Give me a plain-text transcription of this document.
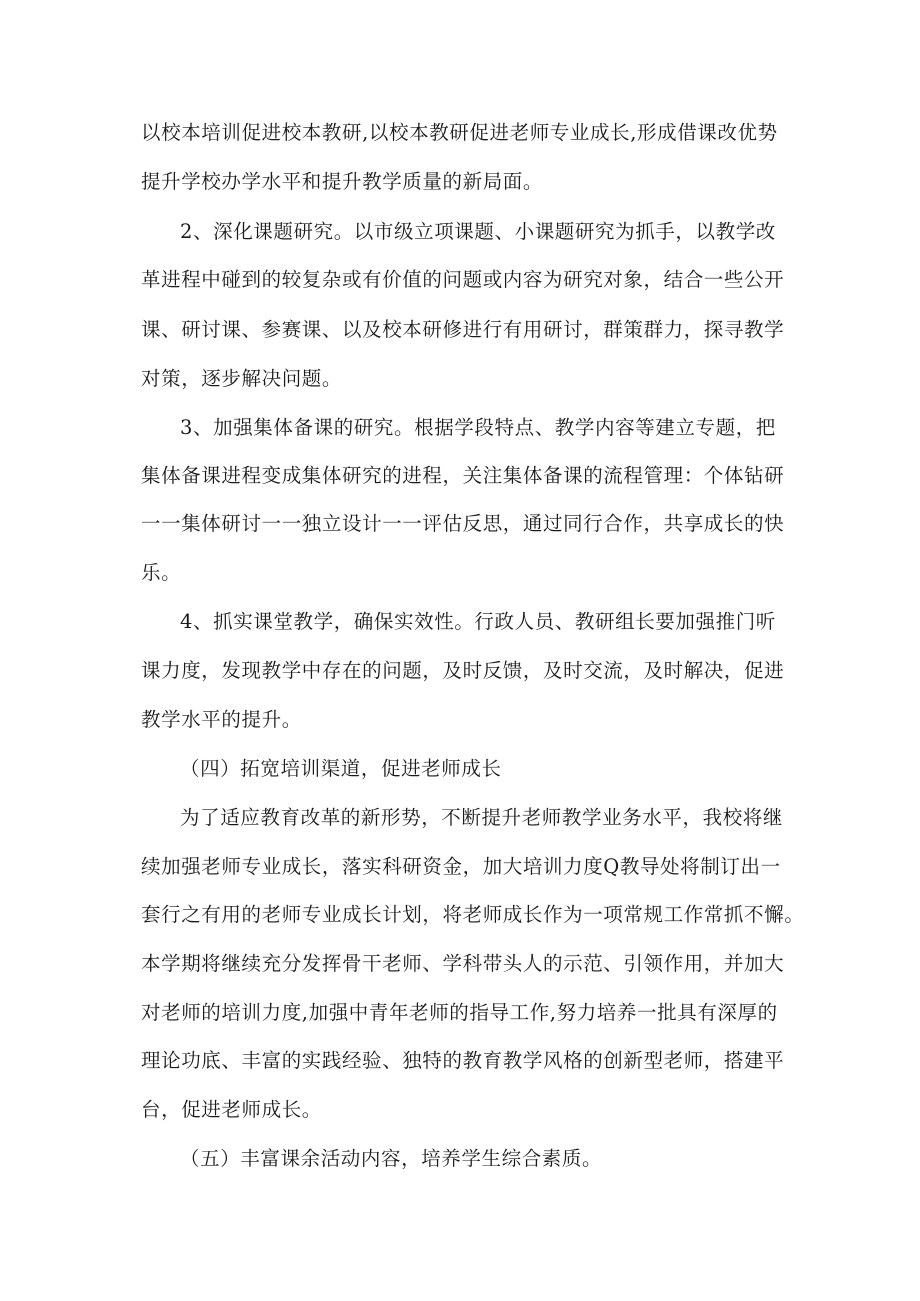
以校本培训促进校本教研,以校本教研促进老师专业成长,形成借课改优势
提升学校办学水平和提升教学质量的新局面。
2、深化课题研究。以市级立项课题、小课题研究为抓手，以教学改
革进程中碰到的较复杂或有价值的问题或内容为研究对象，结合一些公开
课、研讨课、参赛课、以及校本研修进行有用研讨，群策群力，探寻教学
对策，逐步解决问题。
3、加强集体备课的研究。根据学段特点、教学内容等建立专题，把
集体备课进程变成集体研究的进程，关注集体备课的流程管理：个体钻研
一一集体研讨一一独立设计一一评估反思，通过同行合作，共享成长的快
乐。
4、抓实课堂教学，确保实效性。行政人员、教研组长要加强推门听
课力度，发现教学中存在的问题，及时反馈，及时交流，及时解决，促进
教学水平的提升。
（四）拓宽培训渠道，促进老师成长
为了适应教育改革的新形势，不断提升老师教学业务水平，我校将继
续加强老师专业成长，落实科研资金，加大培训力度Q教导处将制订出一
套行之有用的老师专业成长计划，将老师成长作为一项常规工作常抓不懈。
本学期将继续充分发挥骨干老师、学科带头人的示范、引领作用，并加大
对老师的培训力度,加强中青年老师的指导工作,努力培养一批具有深厚的
理论功底、丰富的实践经验、独特的教育教学风格的创新型老师，搭建平
台，促进老师成长。
（五）丰富课余活动内容，培养学生综合素质。
